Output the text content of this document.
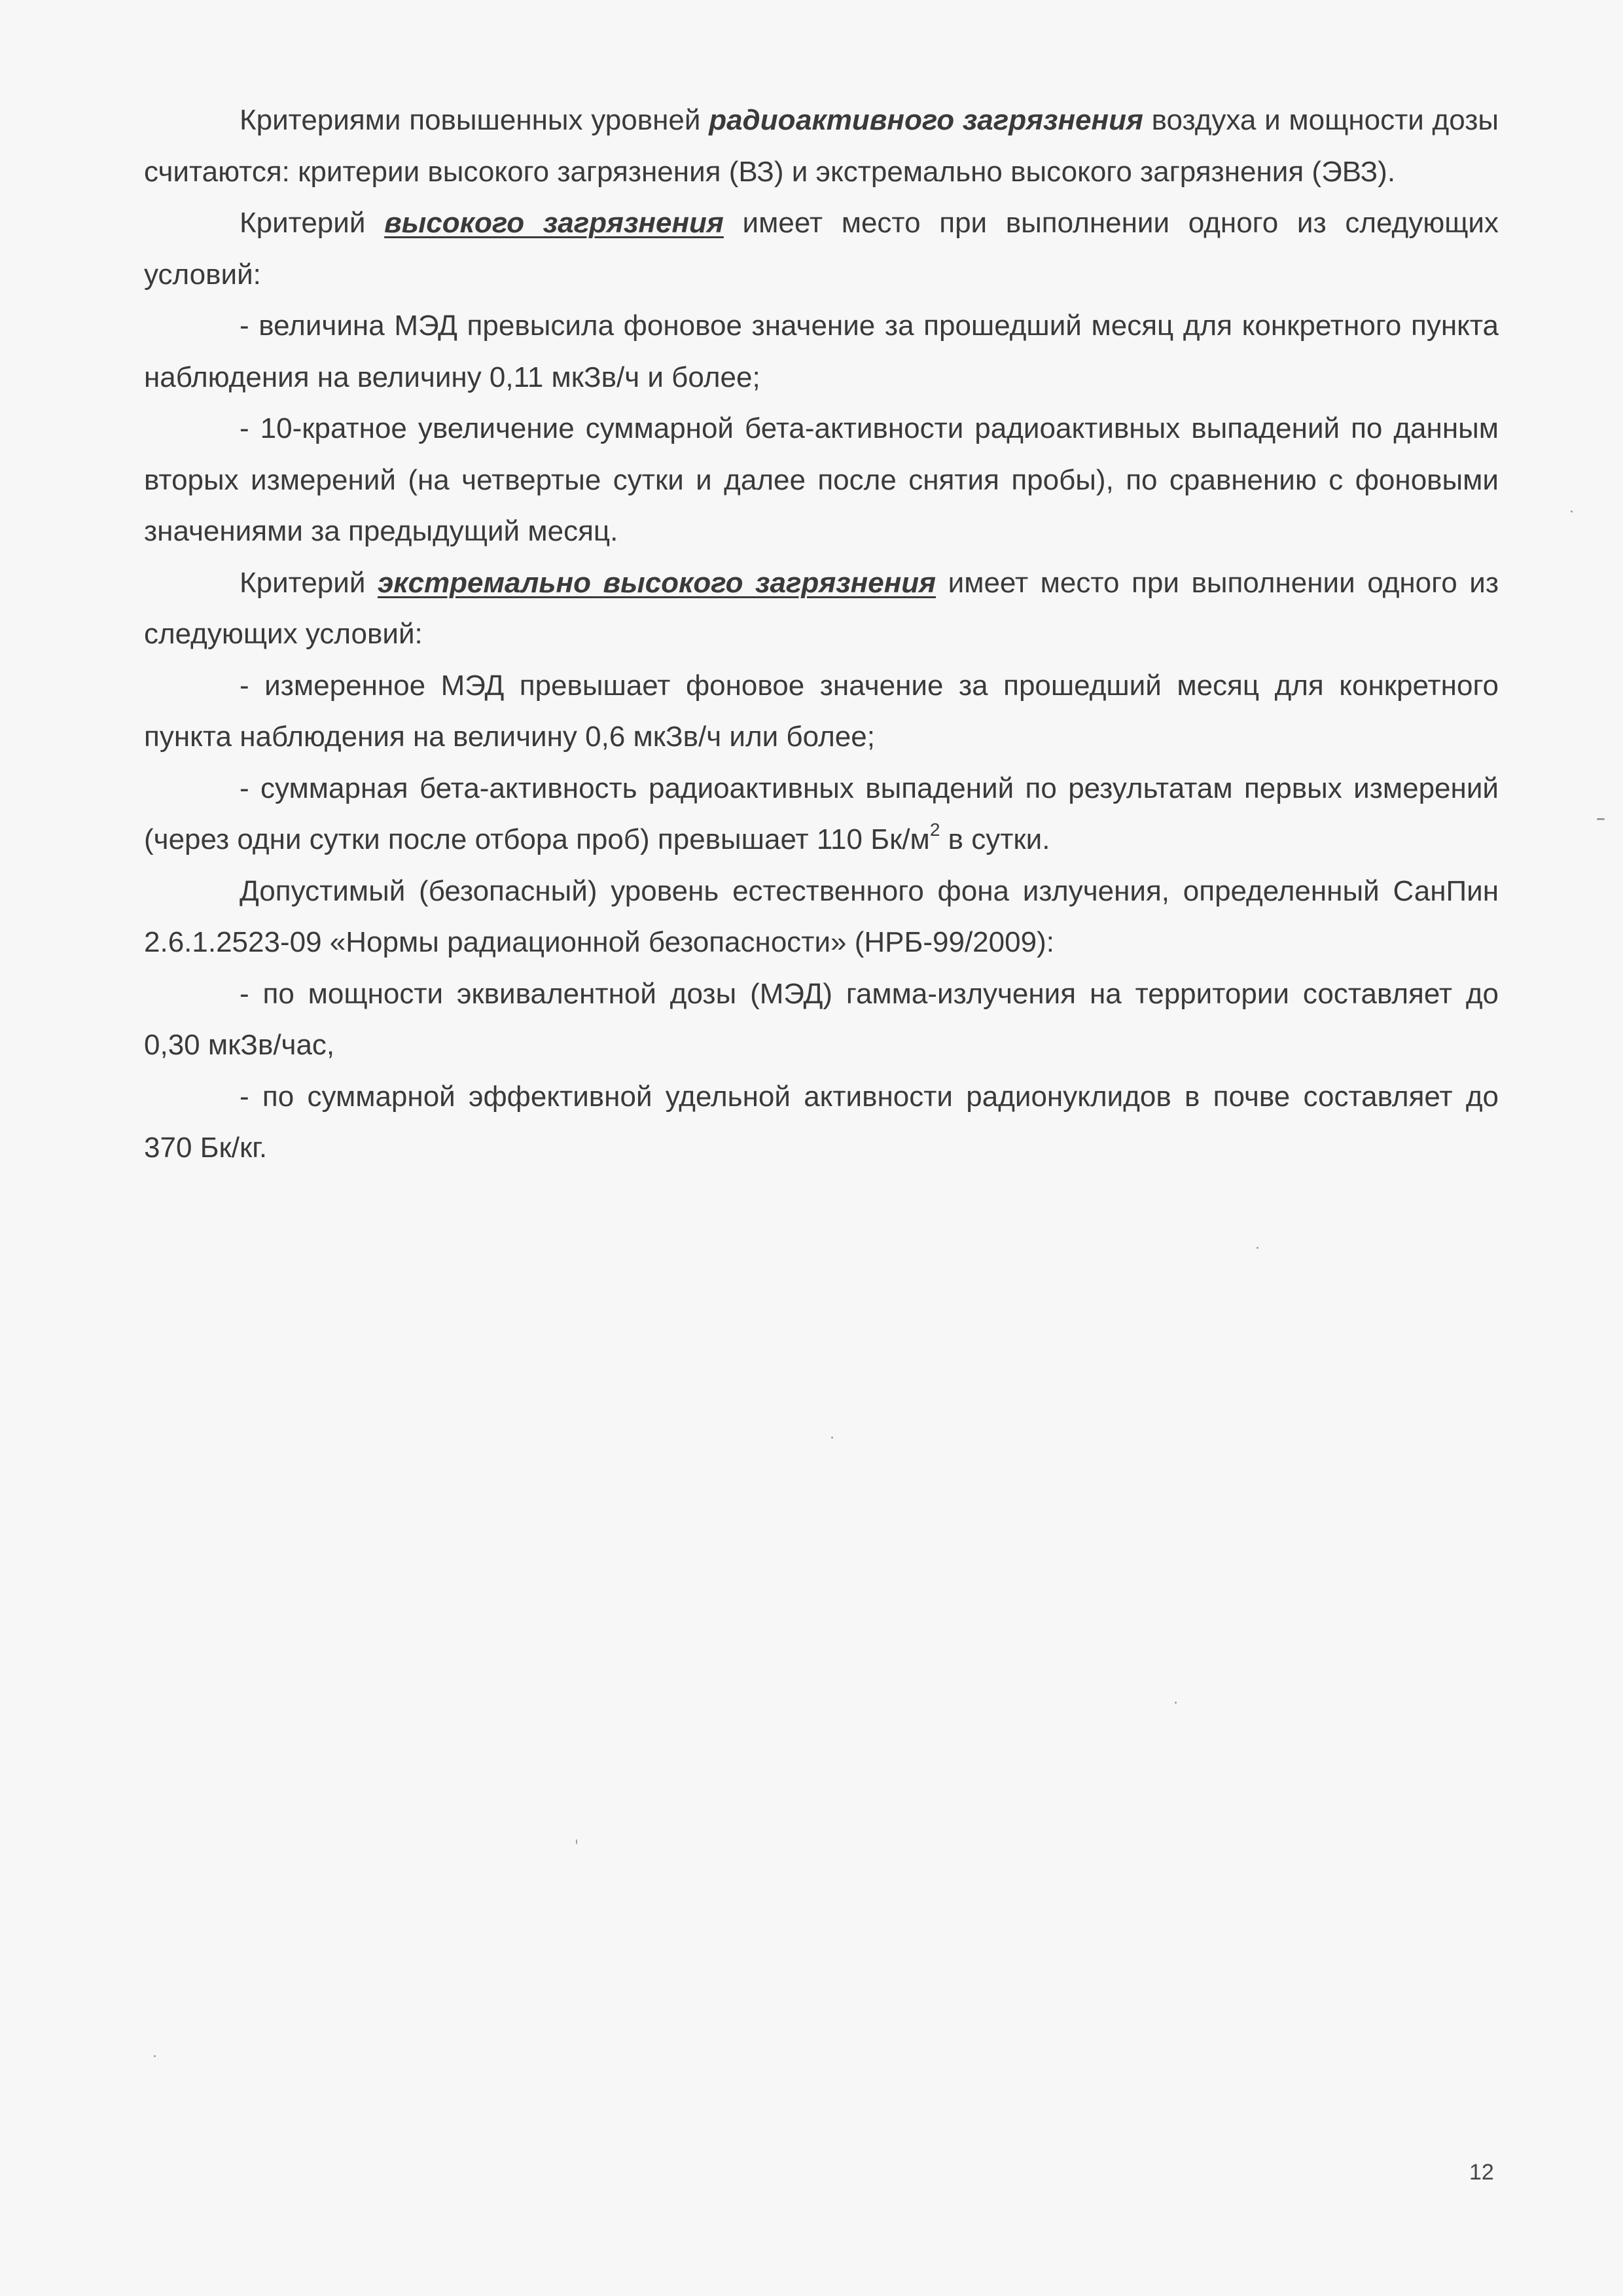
Критериями повышенных уровней радиоактивного загрязнения воздуха и мощности дозы считаются: критерии высокого загрязнения (ВЗ) и экстремально высокого загрязнения (ЭВЗ).

Критерий высокого загрязнения имеет место при выполнении одного из следующих условий:

- величина МЭД превысила фоновое значение за прошедший месяц для конкретного пункта наблюдения на величину 0,11 мкЗв/ч и более;

- 10-кратное увеличение суммарной бета-активности радиоактивных выпадений по данным вторых измерений (на четвертые сутки и далее после снятия пробы), по сравнению с фоновыми значениями за предыдущий месяц.

Критерий экстремально высокого загрязнения имеет место при выполнении одного из следующих условий:

- измеренное МЭД превышает фоновое значение за прошедший месяц для конкретного пункта наблюдения на величину 0,6 мкЗв/ч или более;

- суммарная бета-активность радиоактивных выпадений по результатам первых измерений (через одни сутки после отбора проб) превышает 110 $Бк/м^2$ в сутки.

Допустимый (безопасный) уровень естественного фона излучения, определенный СанПин 2.6.1.2523-09 «Нормы радиационной безопасности» (НРБ-99/2009):

- по мощности эквивалентной дозы (МЭД) гамма-излучения на территории составляет до 0,30 мкЗв/час,

- по суммарной эффективной удельной активности радионуклидов в почве составляет до 370 Бк/кг.

12
